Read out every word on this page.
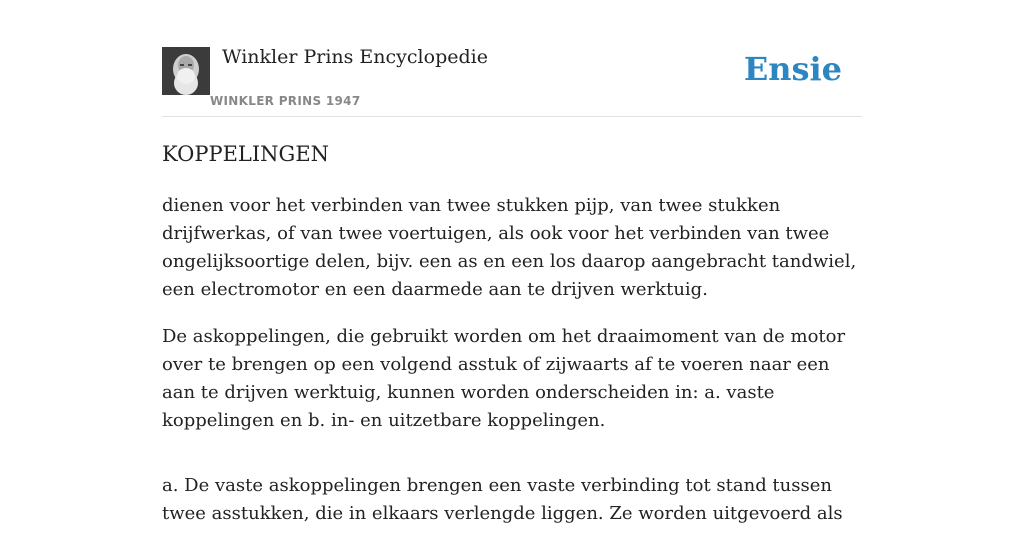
Winkler Prins Encyclopedie
WINKLER PRINS 1947
Ensie
KOPPELINGEN

dienen voor het verbinden van twee stukken pijp, van twee stukken drijfwerkas, of van twee voertuigen, als ook voor het verbinden van twee ongelijksoortige delen, bijv. een as en een los daarop aangebracht tandwiel, een electromotor en een daarmede aan te drijven werktuig.

De askoppelingen, die gebruikt worden om het draaimoment van de motor over te brengen op een volgend asstuk of zijwaarts af te voeren naar een aan te drijven werktuig, kunnen worden onderscheiden in: a. vaste koppelingen en b. in- en uitzetbare koppelingen.

a. De vaste askoppelingen brengen een vaste verbinding tot stand tussen twee asstukken, die in elkaars verlengde liggen. Ze worden uitgevoerd als
